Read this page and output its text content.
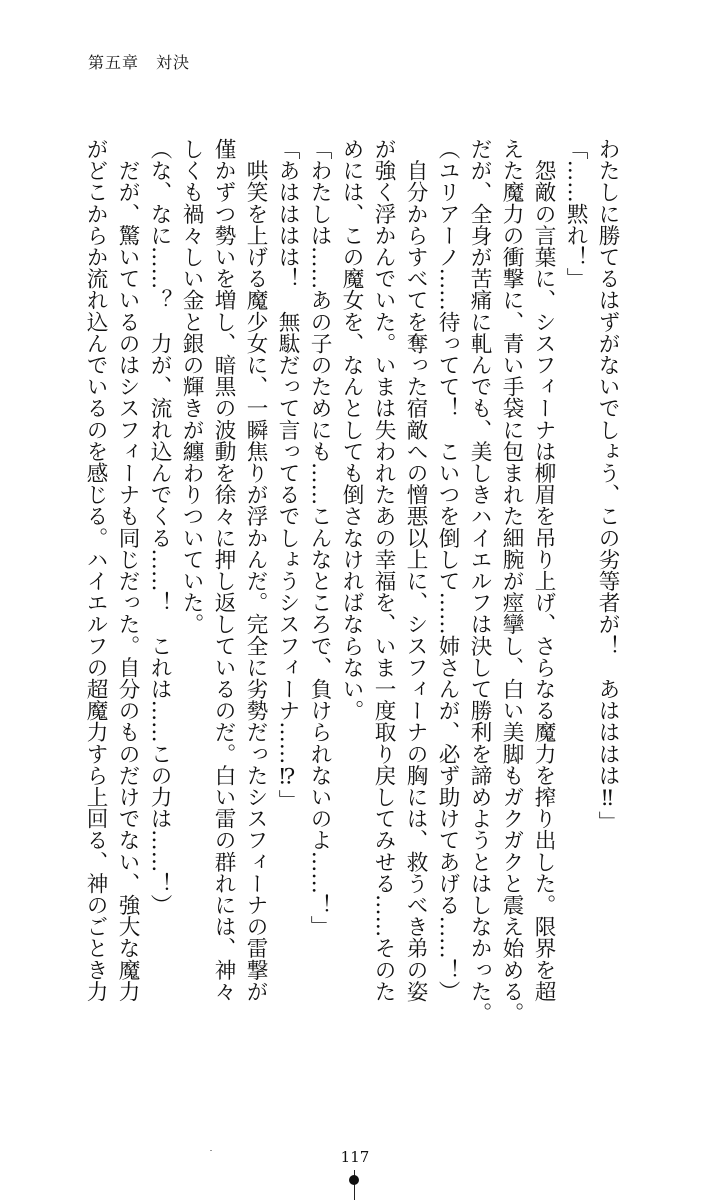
第五章　対決
わたしに勝てるはずがないでしょう、この劣等者が！　あはははは‼」
「……黙れ！」
　怨敵の言葉に、シスフィーナは柳眉を吊り上げ、さらなる魔力を搾り出した。限界を超
えた魔力の衝撃に、青い手袋に包まれた細腕が痙攣し、白い美脚もガクガクと震え始める。
だが、全身が苦痛に軋んでも、美しきハイエルフは決して勝利を諦めようとはしなかった。
（ユリアーノ……待ってて！　こいつを倒して……姉さんが、必ず助けてあげる……！）
　自分からすべてを奪った宿敵への憎悪以上に、シスフィーナの胸には、救うべき弟の姿
が強く浮かんでいた。いまは失われたあの幸福を、いま一度取り戻してみせる……そのた
めには、この魔女を、なんとしても倒さなければならない。
「わたしは……あの子のためにも……こんなところで、負けられないのよ……！」
「あはははは！　無駄だって言ってるでしょうシスフィーナ……⁉」
　哄笑を上げる魔少女に、一瞬焦りが浮かんだ。完全に劣勢だったシスフィーナの雷撃が
僅かずつ勢いを増し、暗黒の波動を徐々に押し返しているのだ。白い雷の群れには、神々
しくも禍々しい金と銀の輝きが纏わりついていた。
（な、なに……？　力が、流れ込んでくる……！　これは……この力は……！）
　だが、驚いているのはシスフィーナも同じだった。自分のものだけでない、強大な魔力
がどこからか流れ込んでいるのを感じる。ハイエルフの超魔力すら上回る、神のごとき力
117
